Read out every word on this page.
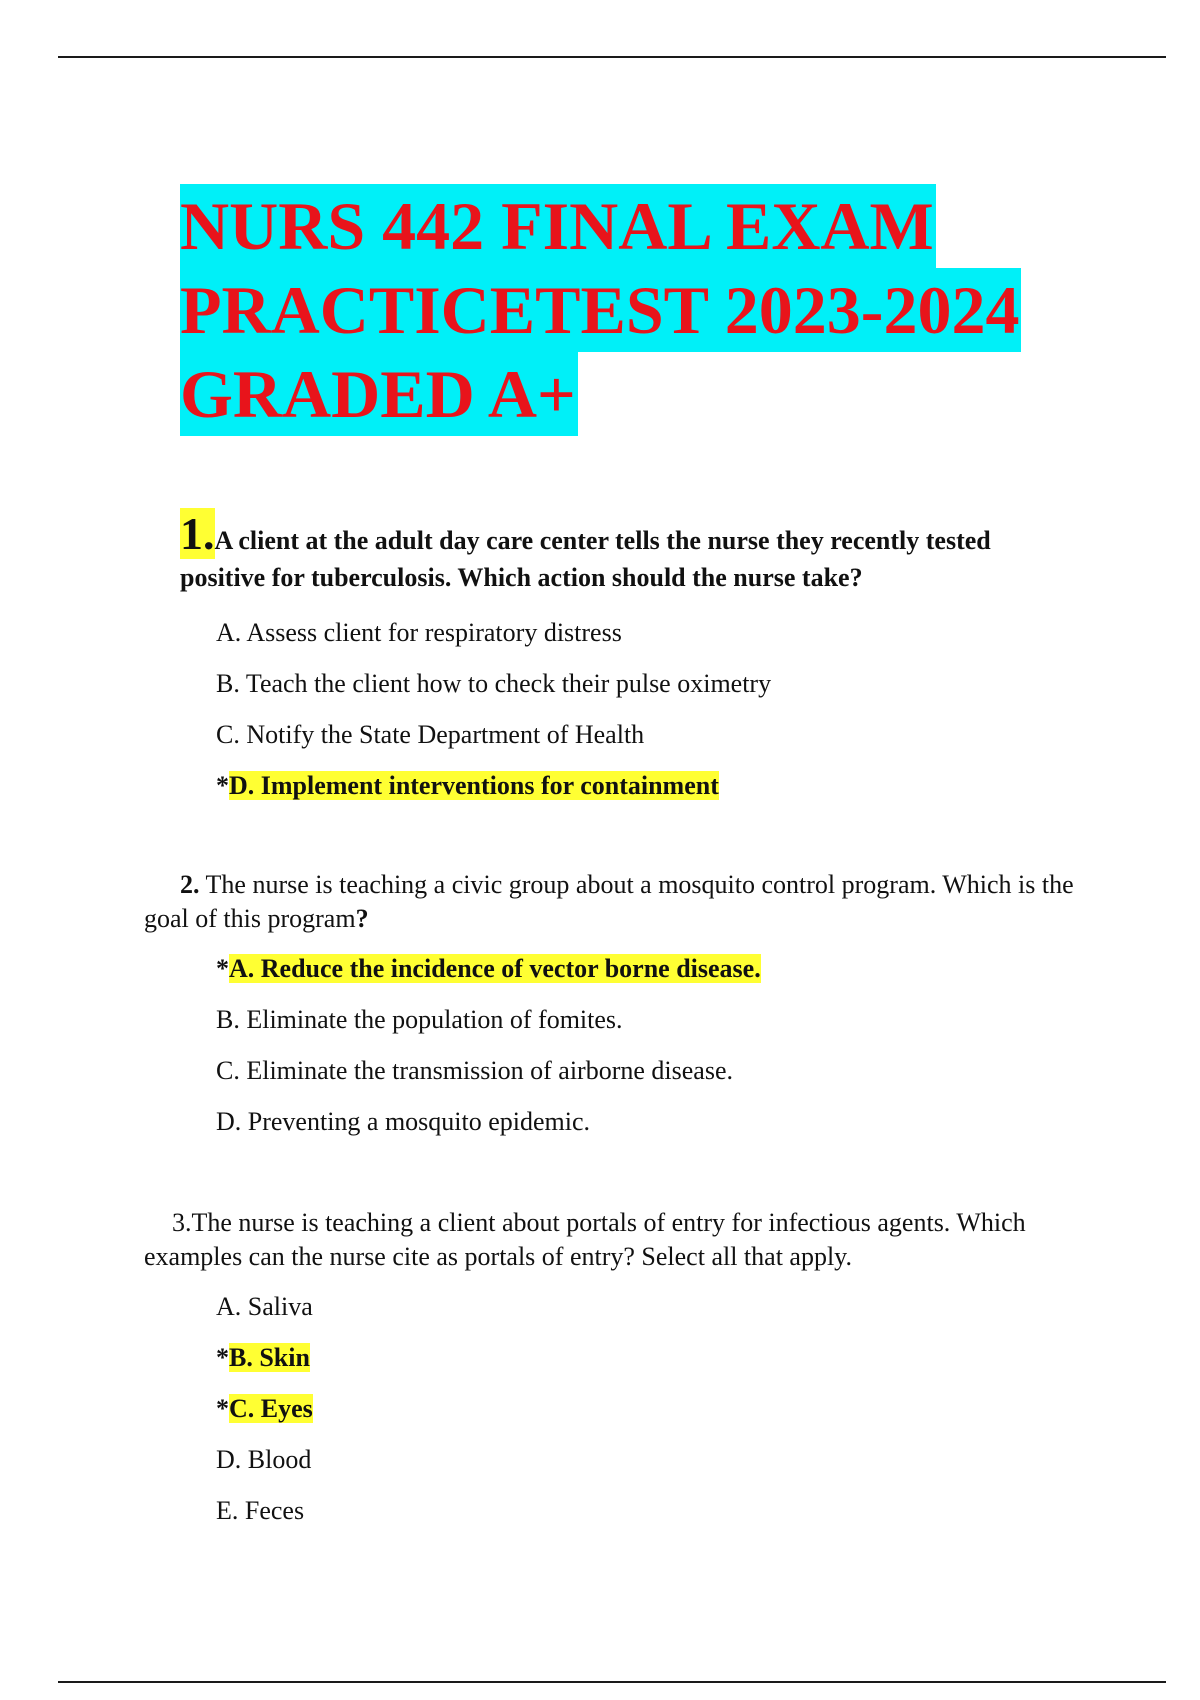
NURS 442 FINAL EXAM
PRACTICETEST 2023-2024
GRADED A+

1.A client at the adult day care center tells the nurse they recently tested positive for tuberculosis. Which action should the nurse take?

A. Assess client for respiratory distress
B. Teach the client how to check their pulse oximetry
C. Notify the State Department of Health
*D. Implement interventions for containment

2. The nurse is teaching a civic group about a mosquito control program. Which is the goal of this program?

*A. Reduce the incidence of vector borne disease.
B. Eliminate the population of fomites.
C. Eliminate the transmission of airborne disease.
D. Preventing a mosquito epidemic.

3.The nurse is teaching a client about portals of entry for infectious agents. Which examples can the nurse cite as portals of entry? Select all that apply.

A. Saliva
*B. Skin
*C. Eyes
D. Blood
E. Feces
